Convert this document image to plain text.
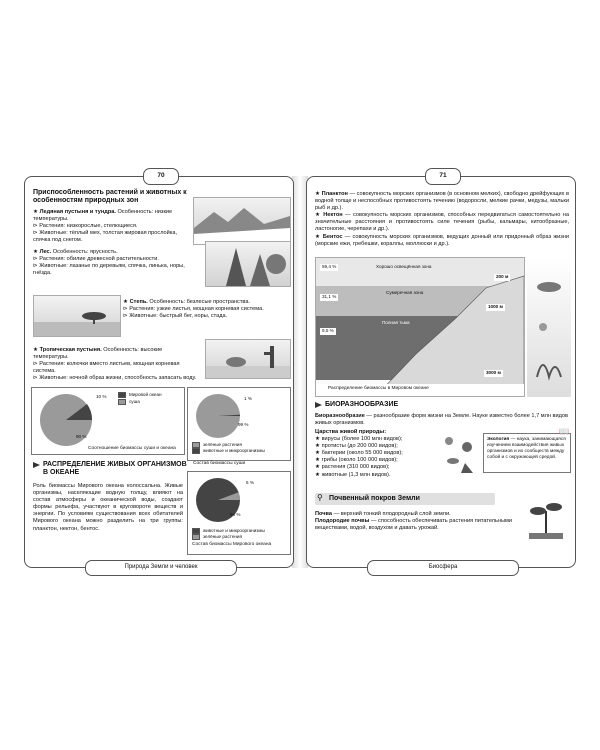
70
Приспособленность растений и животных к особенностям природных зон
★ Ледяная пустыня и тундра. Особенность: низкие температуры.
⊳ Растения: низкорослые, стелющиеся.
⊳ Животные: тёплый мех, толстая жировая прослойка, спячка под снегом.
★ Лес. Особенность: ярусность.
⊳ Растения: обилие древесной растительности.
⊳ Животные: лазанье по деревьям, спячка, линька, норы, гнёзда.
★ Степь. Особенность: безлесые пространства.
⊳ Растения: узкие листья, мощная корневая система.
⊳ Животные: быстрый бег, норы, стада.
★ Тропическая пустыня. Особенность: высокие температуры.
⊳ Растения: колючки вместо листьев, мощная корневая система.
⊳ Животные: ночной образ жизни, способность запасать воду.
10 %
90 %
Мировой океан
суша
Соотношение биомассы суши и океана
1 %
99 %
зелёные растения
животные и микроорганизмы
Состав биомассы суши
РАСПРЕДЕЛЕНИЕ ЖИВЫХ ОРГАНИЗМОВ В ОКЕАНЕ
Роль биомассы Мирового океана колоссальна. Живые организмы, населяющие водную толщу, влияют на состав атмосферы и океанической воды, создают формы рельефа, участвуют в круговороте веществ и энергии. По условиям существования всех обитателей Мирового океана можно разделить на три группы: планктон, нектон, бентос.
6 %
94 %
животные и микроорганизмы
зелёные растения
Состав биомассы Мирового океана
Природа Земли и человек
71
★ Планктон — совокупность морских организмов (в основном мелких), свободно дрейфующих в водной толще и неспособных противостоять течению (водоросли, мелкие рачки, медузы, мальки рыб и др.).
★ Нектон — совокупность морских организмов, способных передвигаться самостоятельно на значительные расстояния и противостоять силе течения (рыбы, кальмары, китообразные, ластоногие, черепахи и др.).
★ Бентос — совокупность морских организмов, ведущих донный или придонный образ жизни (морские ежи, гребешки, кораллы, моллюски и др.).
59,4 %
31,1 %
9,5 %
Хорошо освещённая зона
Сумеречная зона
Полная тьма
200 м
1000 м
3000 м
Распределение биомассы в Мировом океане
БИОРАЗНООБРАЗИЕ
Биоразнообразие — разнообразие форм жизни на Земле. Науке известно более 1,7 млн видов живых организмов.
Царства живой природы:
★ вирусы (более 100 млн видов);
★ протисты (до 200 000 видов);
★ бактерии (около 55 000 видов);
★ грибы (около 100 000 видов);
★ растения (310 000 видов);
★ животные (1,3 млн видов).
Экология — наука, занимающаяся изучением взаимодействия живых организмов и их сообществ между собой и с окружающей средой.
📖
⚲ Почвенный покров Земли
Почва — верхний тонкий плодородный слой земли.
Плодородие почвы — способность обеспечивать растения питательными веществами, водой, воздухом и давать урожай.
Биосфера
